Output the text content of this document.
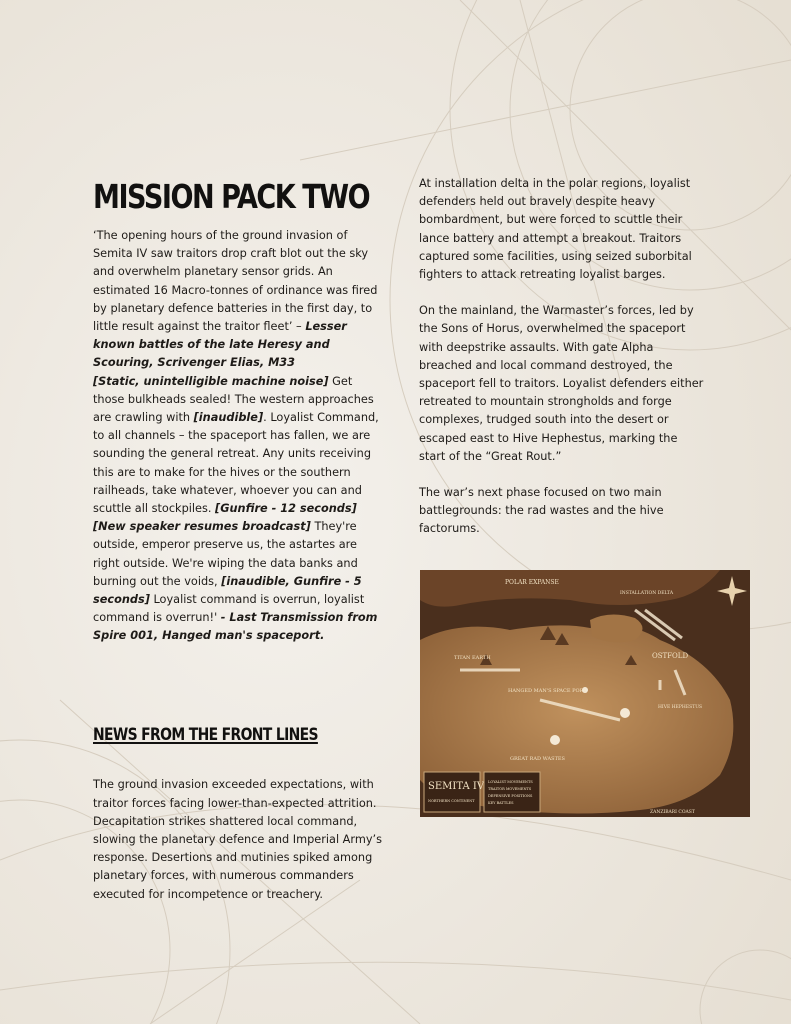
MISSION PACK TWO

‘The opening hours of the ground invasion of Semita IV saw traitors drop craft blot out the sky and overwhelm planetary sensor grids. An estimated 16 Macro-tonnes of ordinance was fired by planetary defence batteries in the first day, to little result against the traitor fleet’ – Lesser known battles of the late Heresy and Scouring, Scrivenger Elias, M33

[Static, unintelligible machine noise] Get those bulkheads sealed! The western approaches are crawling with [inaudible]. Loyalist Command, to all channels – the spaceport has fallen, we are sounding the general retreat. Any units receiving this are to make for the hives or the southern railheads, take whatever, whoever you can and scuttle all stockpiles. [Gunfire - 12 seconds] [New speaker resumes broadcast] They're outside, emperor preserve us, the astartes are right outside. We're wiping the data banks and burning out the voids, [inaudible, Gunfire - 5 seconds] Loyalist command is overrun, loyalist command is overrun!' - Last Transmission from Spire 001, Hanged man's spaceport.

At installation delta in the polar regions, loyalist defenders held out bravely despite heavy bombardment, but were forced to scuttle their lance battery and attempt a breakout. Traitors captured some facilities, using seized suborbital fighters to attack retreating loyalist barges.

On the mainland, the Warmaster’s forces, led by the Sons of Horus, overwhelmed the spaceport with deepstrike assaults. With gate Alpha breached and local command destroyed, the spaceport fell to traitors. Loyalist defenders either retreated to mountain strongholds and forge complexes, trudged south into the desert or escaped east to Hive Hephestus, marking the start of the “Great Rout.”

The war’s next phase focused on two main battlegrounds: the rad wastes and the hive factorums.

NEWS FROM THE FRONT LINES

The ground invasion exceeded expectations, with traitor forces facing lower-than-expected attrition. Decapitation strikes shattered local command, slowing the planetary defence and Imperial Army’s response. Desertions and mutinies spiked among planetary forces, with numerous commanders executed for incompetence or treachery.

POLAR EXPANSE
INSTALLATION DELTA
OSTFOLD
TITAN EARTH
HANGED MAN'S SPACE PORT
HIVE HEPHESTUS
GREAT RAD WASTES
ZANZIBARI COAST
SEMITA IV
NORTHERN CONTINENT
LOYALIST MOVEMENTS
TRAITOR MOVEMENTS
DEFENSIVE POSITIONS
KEY BATTLES
